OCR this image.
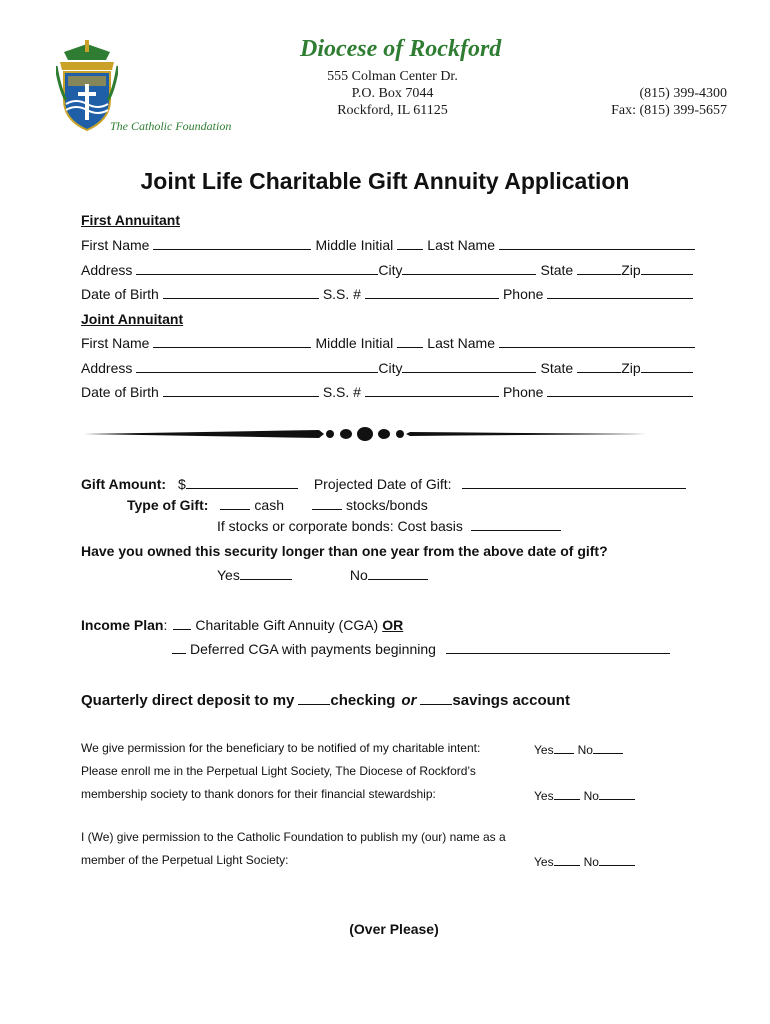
Diocese of Rockford
555 Colman Center Dr.
P.O. Box 7044
Rockford, IL 61125
(815) 399-4300
Fax: (815) 399-5657
The Catholic Foundation
Joint Life Charitable Gift Annuity Application
First Annuitant
First Name	Middle Initial Last Name
Address	City	State	Zip
Date of Birth	S.S. #	Phone
Joint Annuitant
First Name	Middle Initial Last Name
Address	City	State	Zip
Date of Birth	S.S. #	Phone
Gift Amount: $	Projected Date of Gift:
Type of Gift:	cash	stocks/bonds
If stocks or corporate bonds: Cost basis
Have you owned this security longer than one year from the above date of gift?
Yes	No
Income Plan : Charitable Gift Annuity (CGA) OR
Deferred CGA with payments beginning
Quarterly direct deposit to my checking or savings account
We give permission for the beneficiary to be notified of my charitable intent:	Yes No
Please enroll me in the Perpetual Light Society, The Diocese of Rockford’s
membership society to thank donors for their financial stewardship:	Yes	No
I (We) give permission to the Catholic Foundation to publish my (our) name as a
member of the Perpetual Light Society:	Yes	No
(Over Please)
